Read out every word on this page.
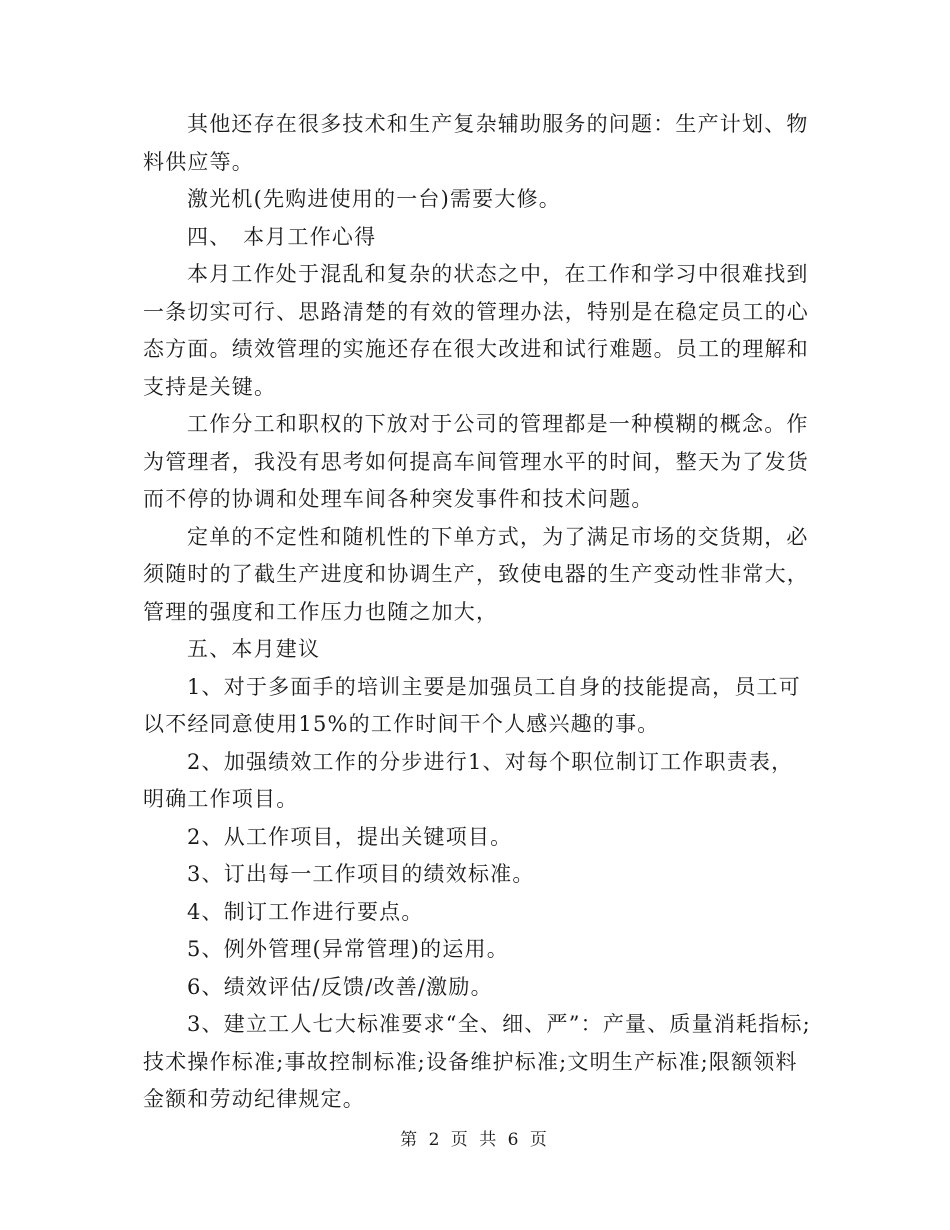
其他还存在很多技术和生产复杂辅助服务的问题：生产计划、物料供应等。

激光机(先购进使用的一台)需要大修。

四、　本月工作心得

本月工作处于混乱和复杂的状态之中，在工作和学习中很难找到一条切实可行、思路清楚的有效的管理办法，特别是在稳定员工的心态方面。绩效管理的实施还存在很大改进和试行难题。员工的理解和支持是关键。

工作分工和职权的下放对于公司的管理都是一种模糊的概念。作为管理者，我没有思考如何提高车间管理水平的时间，整天为了发货而不停的协调和处理车间各种突发事件和技术问题。

定单的不定性和随机性的下单方式，为了满足市场的交货期，必须随时的了截生产进度和协调生产，致使电器的生产变动性非常大，管理的强度和工作压力也随之加大，

五、本月建议

1、对于多面手的培训主要是加强员工自身的技能提高，员工可以不经同意使用15%的工作时间干个人感兴趣的事。

2、加强绩效工作的分步进行1、对每个职位制订工作职责表，明确工作项目。

2、从工作项目，提出关键项目。

3、订出每一工作项目的绩效标准。

4、制订工作进行要点。

5、例外管理(异常管理)的运用。

6、绩效评估/反馈/改善/激励。

3、建立工人七大标准要求“全、细、严”：产量、质量消耗指标;技术操作标准;事故控制标准;设备维护标准;文明生产标准;限额领料金额和劳动纪律规定。

第 2 页 共 6 页
